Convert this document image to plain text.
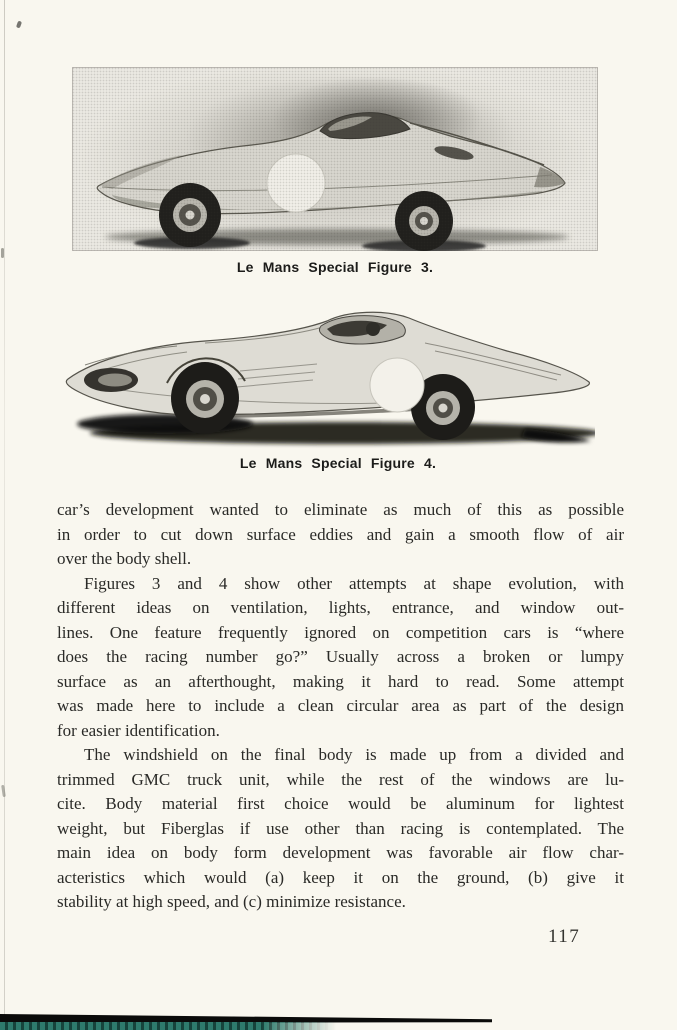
Le Mans Special Figure 3.
Le Mans Special Figure 4.
car’s development wanted to eliminate as much of this as possible
in order to cut down surface eddies and gain a smooth flow of air
over the body shell.
Figures 3 and 4 show other attempts at shape evolution, with
different ideas on ventilation, lights, entrance, and window out-
lines. One feature frequently ignored on competition cars is “where
does the racing number go?” Usually across a broken or lumpy
surface as an afterthought, making it hard to read. Some attempt
was made here to include a clean circular area as part of the design
for easier identification.
The windshield on the final body is made up from a divided and
trimmed GMC truck unit, while the rest of the windows are lu-
cite. Body material first choice would be aluminum for lightest
weight, but Fiberglas if use other than racing is contemplated. The
main idea on body form development was favorable air flow char-
acteristics which would (a) keep it on the ground, (b) give it
stability at high speed, and (c) minimize resistance.
117
